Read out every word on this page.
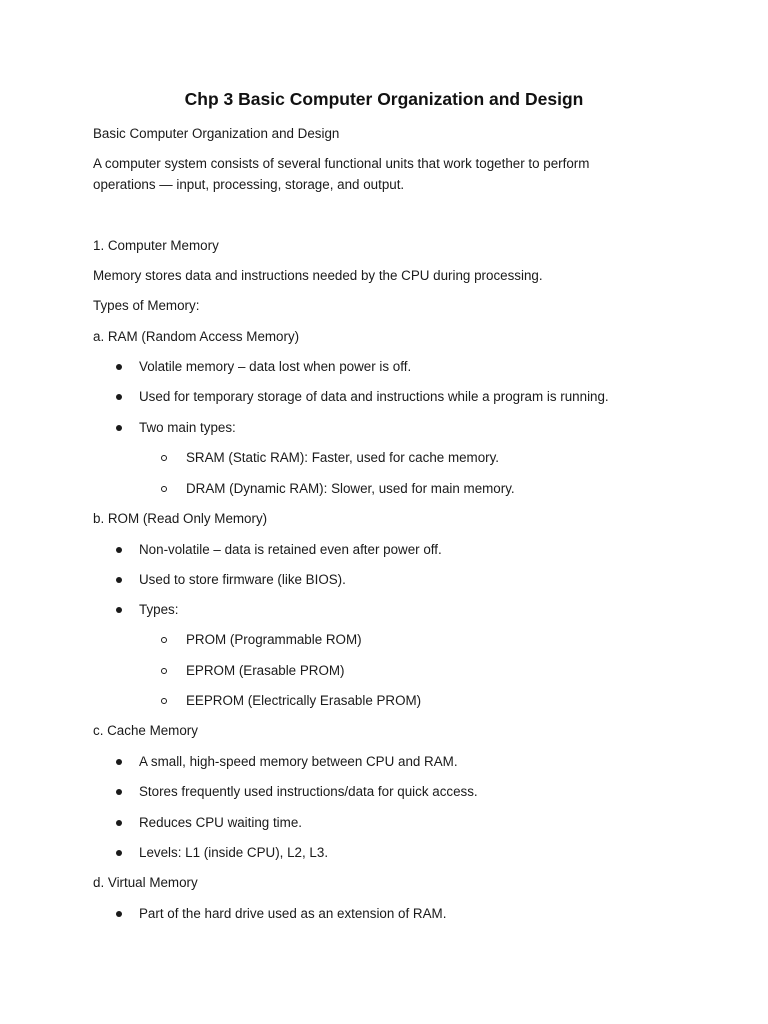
Chp 3 Basic Computer Organization and Design

Basic Computer Organization and Design

A computer system consists of several functional units that work together to perform

operations — input, processing, storage, and output.

1. Computer Memory

Memory stores data and instructions needed by the CPU during processing.

Types of Memory:

a. RAM (Random Access Memory)

Volatile memory – data lost when power is off.

Used for temporary storage of data and instructions while a program is running.

Two main types:

SRAM (Static RAM): Faster, used for cache memory.

DRAM (Dynamic RAM): Slower, used for main memory.

b. ROM (Read Only Memory)

Non-volatile – data is retained even after power off.

Used to store firmware (like BIOS).

Types:

PROM (Programmable ROM)

EPROM (Erasable PROM)

EEPROM (Electrically Erasable PROM)

c. Cache Memory

A small, high-speed memory between CPU and RAM.

Stores frequently used instructions/data for quick access.

Reduces CPU waiting time.

Levels: L1 (inside CPU), L2, L3.

d. Virtual Memory

Part of the hard drive used as an extension of RAM.
